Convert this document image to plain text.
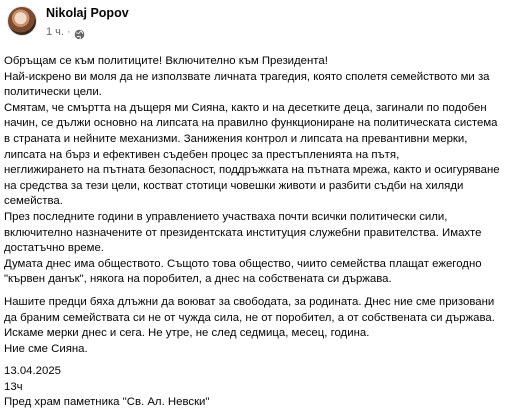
Nikolaj Popov
1 ч. ·
Обръщам се към политиците! Включително към Президента!
Най-искрено ви моля да не използвате личната трагедия, която сполетя семейството ми за
политически цели.
Смятам, че смъртта на дъщеря ми Сияна, както и на десетките деца, загинали по подобен
начин, се дължи основно на липсата на правилно функциониране на политическата система
в страната и нейните механизми. Занижения контрол и липсата на превантивни мерки,
липсата на бърз и ефективен съдебен процес за престъпленията на пътя,
неглижирането на пътната безопасност, поддръжката на пътната мрежа, както и осигуряване
на средства за тези цели, костват стотици човешки животи и разбити съдби на хиляди
семейства.
През последните години в управлението участваха почти всички политически сили,
включително назначените от президентската институция служебни правителства. Имахте
достатъчно време.
Думата днес има обществото. Същото това общество, чиито семейства плащат ежегодно
"кървен данък", някога на поробител, а днес на собствената си държава.
Нашите предци бяха длъжни да воюват за свободата, за родината. Днес ние сме призовани
да браним семействата си не от чужда сила, не от поробител, а от собствената си държава.
Искаме мерки днес и сега. Не утре, не след седмица, месец, година.
Ние сме Сияна.
13.04.2025
13ч
Пред храм паметника "Св. Ал. Невски"
